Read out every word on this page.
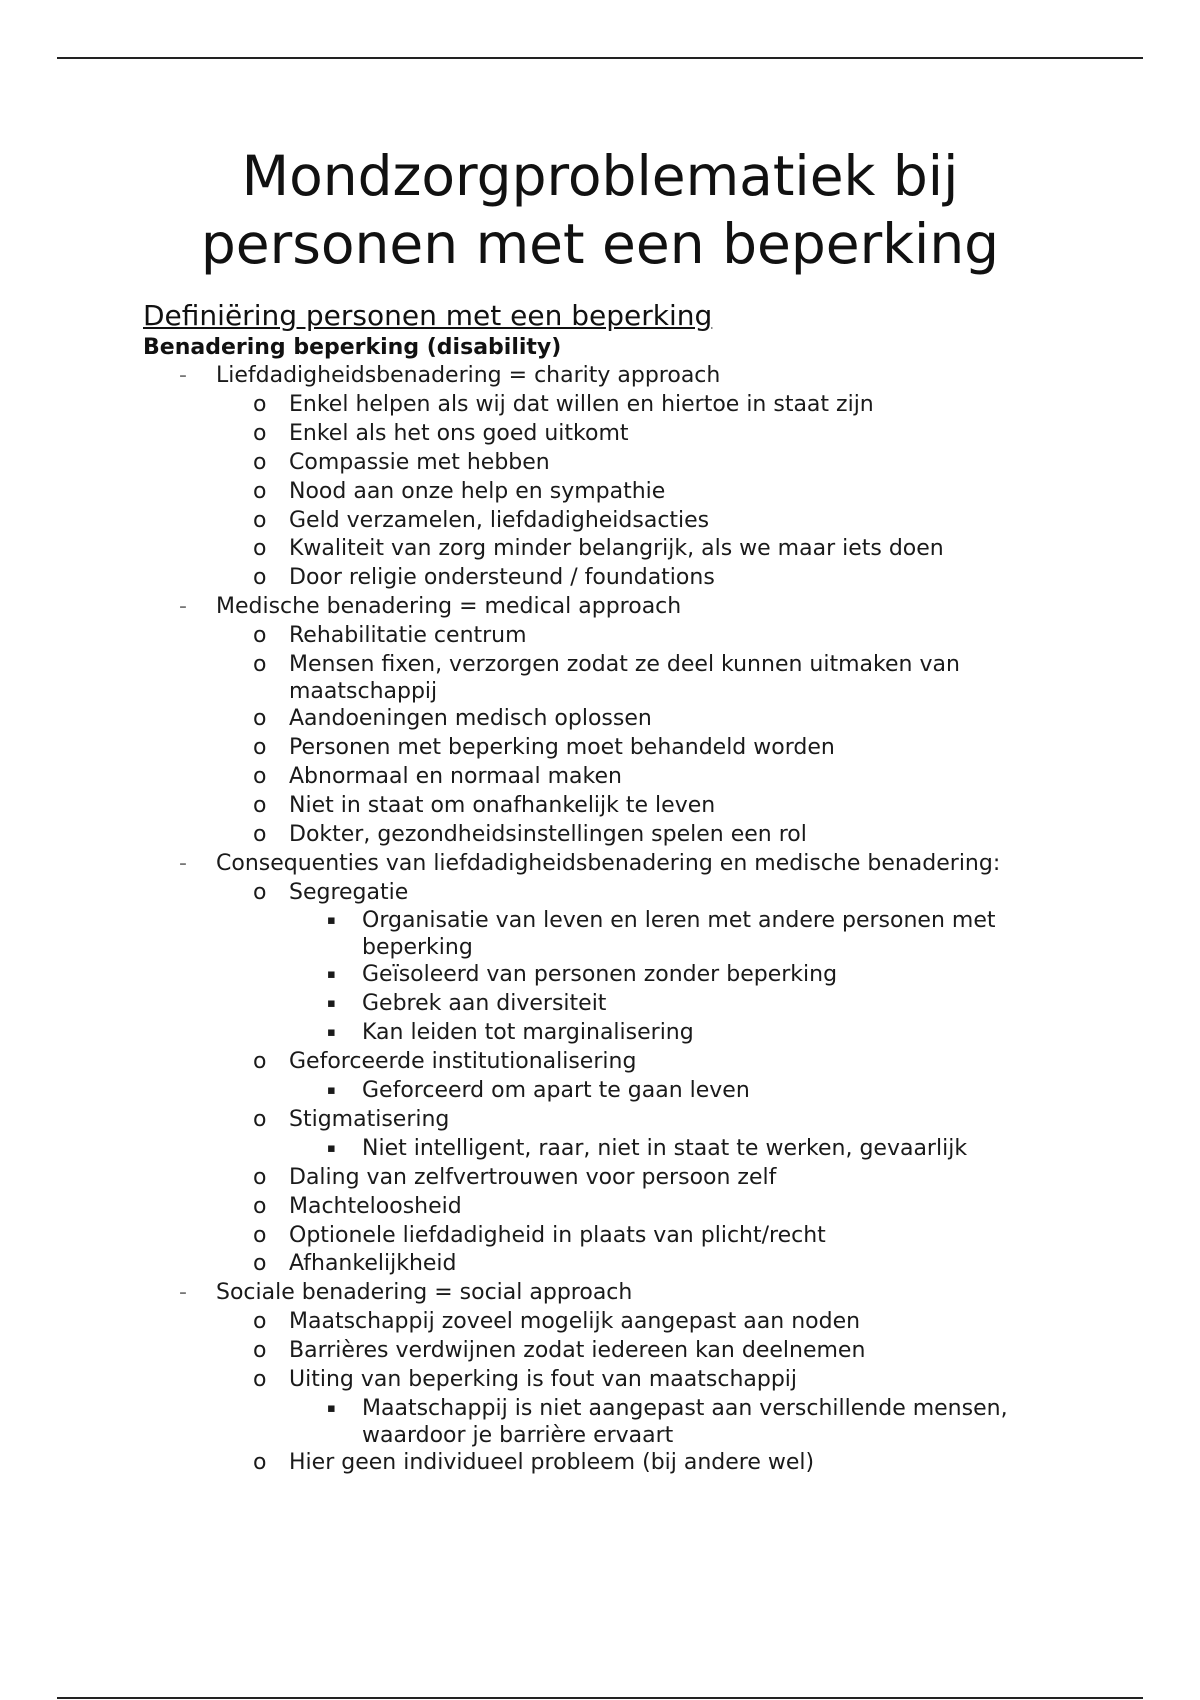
Mondzorgproblematiek bij
personen met een beperking
Definiëring personen met een beperking
Benadering beperking (disability)
- Liefdadigheidsbenadering = charity approach
o Enkel helpen als wij dat willen en hiertoe in staat zijn
o Enkel als het ons goed uitkomt
o Compassie met hebben
o Nood aan onze help en sympathie
o Geld verzamelen, liefdadigheidsacties
o Kwaliteit van zorg minder belangrijk, als we maar iets doen
o Door religie ondersteund / foundations
- Medische benadering = medical approach
o Rehabilitatie centrum
o Mensen fixen, verzorgen zodat ze deel kunnen uitmaken van maatschappij
o Aandoeningen medisch oplossen
o Personen met beperking moet behandeld worden
o Abnormaal en normaal maken
o Niet in staat om onafhankelijk te leven
o Dokter, gezondheidsinstellingen spelen een rol
- Consequenties van liefdadigheidsbenadering en medische benadering:
o Segregatie
▪ Organisatie van leven en leren met andere personen met beperking
▪ Geïsoleerd van personen zonder beperking
▪ Gebrek aan diversiteit
▪ Kan leiden tot marginalisering
o Geforceerde institutionalisering
▪ Geforceerd om apart te gaan leven
o Stigmatisering
▪ Niet intelligent, raar, niet in staat te werken, gevaarlijk
o Daling van zelfvertrouwen voor persoon zelf
o Machteloosheid
o Optionele liefdadigheid in plaats van plicht/recht
o Afhankelijkheid
- Sociale benadering = social approach
o Maatschappij zoveel mogelijk aangepast aan noden
o Barrières verdwijnen zodat iedereen kan deelnemen
o Uiting van beperking is fout van maatschappij
▪ Maatschappij is niet aangepast aan verschillende mensen, waardoor je barrière ervaart
o Hier geen individueel probleem (bij andere wel)
